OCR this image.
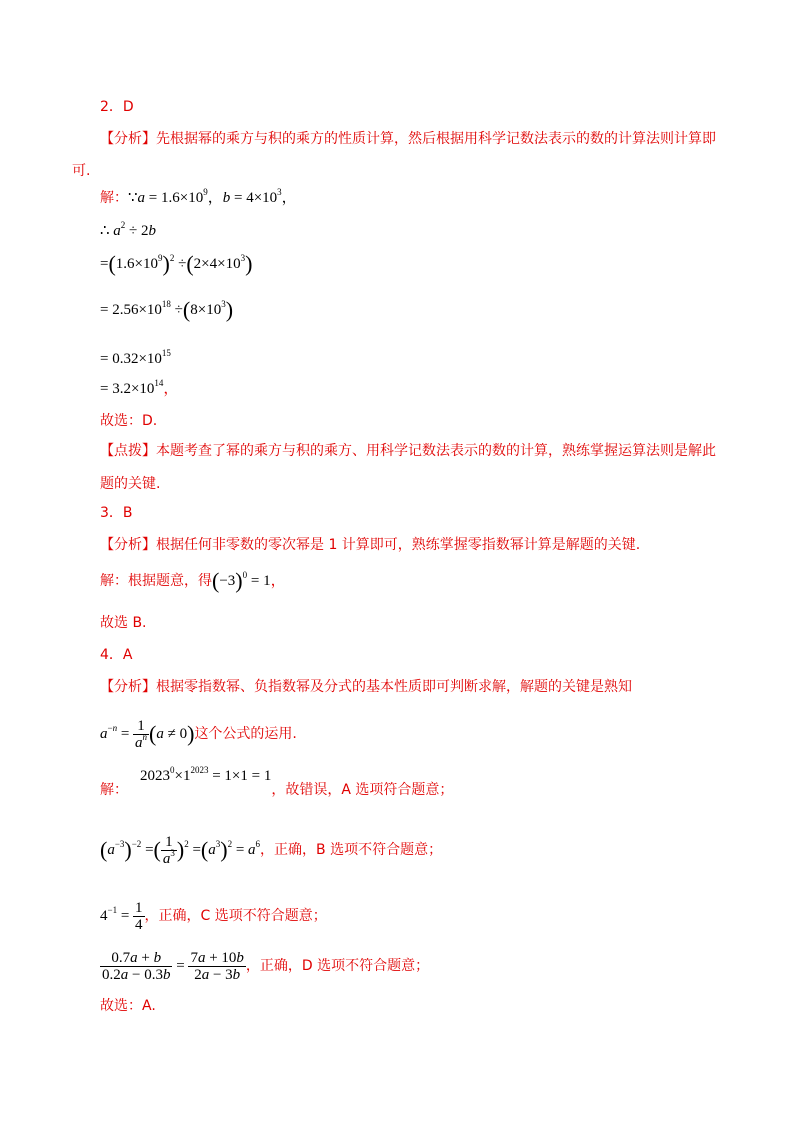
2．D
【分析】先根据幂的乘方与积的乘方的性质计算，然后根据用科学记数法表示的数的计算法则计算即
可.
解：∵a = $1.6\times 10^9$，$b = 4\times 10^3$，
∴ $a^2 \div 2b$
$=(1.6\times 10^9)^2 \div(2\times 4\times 10^3)$
= $2.56\times 10^{18} \div(8\times 10^3)$
= $0.32\times 10^{15}$
= $3.2\times 10^{14}$，
故选：D.
【点拨】本题考查了幂的乘方与积的乘方、用科学记数法表示的数的计算，熟练掌握运算法则是解此
题的关键.
3．B
【分析】根据任何非零数的零次幂是 1 计算即可，熟练掌握零指数幂计算是解题的关键.
解：根据题意，得$(-3)^0 = 1$，
故选 B.
4．A
【分析】根据零指数幂、负指数幂及分式的基本性质即可判断求解，解题的关键是熟知
$a^{-n} = \frac{1}{a^n} (a \ne 0)$这个公式的运用.
解：$2023^0\times 1^{2023} = 1\times 1 = 1$，故错误，A 选项符合题意；
$(a^{-3})^{-2}$ =( $\frac{1}{a^3} )^2 =(a^3)^2 = a^6$，正确，B 选项不符合题意；
$4^{-1} = \frac{1}{4}$ ，正确，C 选项不符合题意；
$\frac{0.7a + b}{0.2a - 0.3b} = \frac{7a + 10b}{2a - 3b}$ ，正确，D 选项不符合题意；
故选：A.
